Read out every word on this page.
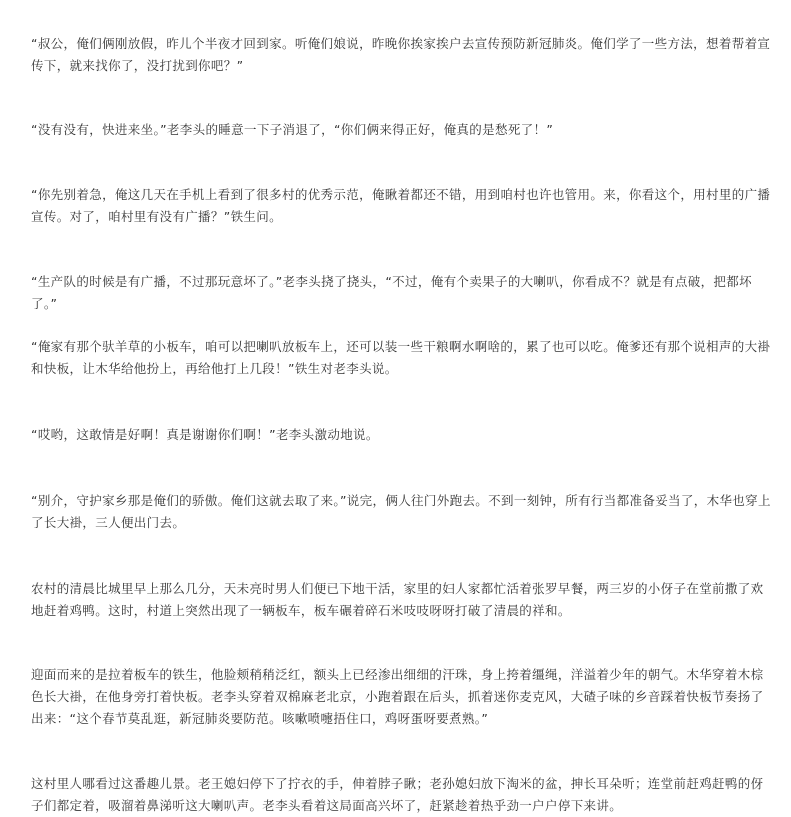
“叔公，俺们俩刚放假，昨儿个半夜才回到家。听俺们娘说，昨晚你挨家挨户去宣传预防新冠肺炎。俺们学了一些方法，想着帮着宣传下，就来找你了，没打扰到你吧？”

“没有没有，快进来坐。”老李头的睡意一下子消退了，“你们俩来得正好，俺真的是愁死了！”

“你先别着急，俺这几天在手机上看到了很多村的优秀示范，俺瞅着都还不错，用到咱村也许也管用。来，你看这个，用村里的广播宣传。对了，咱村里有没有广播？”铁生问。

“生产队的时候是有广播，不过那玩意坏了。”老李头挠了挠头，“不过，俺有个卖果子的大喇叭，你看成不？就是有点破，把都坏了。”

“俺家有那个驮羊草的小板车，咱可以把喇叭放板车上，还可以装一些干粮啊水啊啥的，累了也可以吃。俺爹还有那个说相声的大褂和快板，让木华给他扮上，再给他打上几段！”铁生对老李头说。

“哎哟，这敢情是好啊！真是谢谢你们啊！”老李头激动地说。

“别介，守护家乡那是俺们的骄傲。俺们这就去取了来。”说完，俩人往门外跑去。不到一刻钟，所有行当都准备妥当了，木华也穿上了长大褂，三人便出门去。

农村的清晨比城里早上那么几分，天未亮时男人们便已下地干活，家里的妇人家都忙活着张罗早餐，两三岁的小伢子在堂前撒了欢地赶着鸡鸭。这时，村道上突然出现了一辆板车，板车碾着碎石米吱吱呀呀打破了清晨的祥和。

迎面而来的是拉着板车的铁生，他脸颊稍稍泛红，额头上已经渗出细细的汗珠，身上挎着缰绳，洋溢着少年的朝气。木华穿着木棕色长大褂，在他身旁打着快板。老李头穿着双棉麻老北京，小跑着跟在后头，抓着迷你麦克风，大碴子味的乡音踩着快板节奏扬了出来：“这个春节莫乱逛，新冠肺炎要防范。咳嗽喷嚏捂住口，鸡呀蛋呀要煮熟。”

这村里人哪看过这番趣儿景。老王媳妇停下了拧衣的手，伸着脖子瞅；老孙媳妇放下淘米的盆，抻长耳朵听；连堂前赶鸡赶鸭的伢子们都定着，吸溜着鼻涕听这大喇叭声。老李头看着这局面高兴坏了，赶紧趁着热乎劲一户户停下来讲。
